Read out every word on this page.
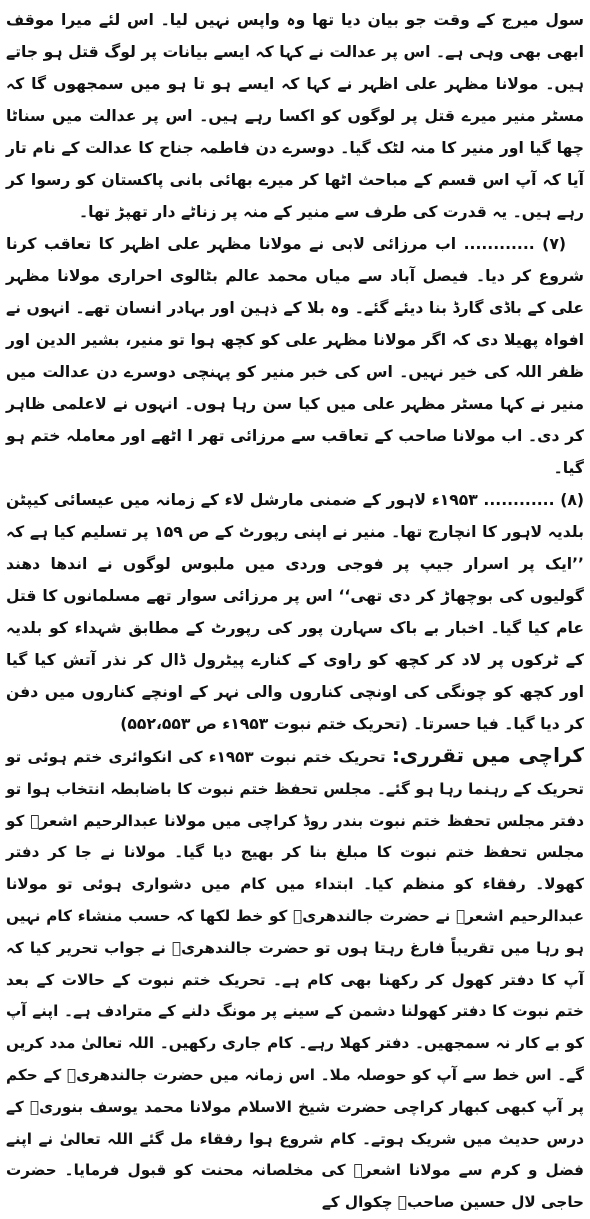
سول میرج کے وقت جو بیان دیا تھا وہ واپس نہیں لیا۔ اس لئے میرا موقف ابھی بھی وہی ہے۔ اس پر عدالت نے کہا کہ ایسے بیانات پر لوگ قتل ہو جاتے ہیں۔ مولانا مظہر علی اظہر نے کہا کہ ایسے ہو تا ہو میں سمجھوں گا کہ مسٹر منیر میرے قتل پر لوگوں کو اکسا رہے ہیں۔ اس پر عدالت میں سناٹا چھا گیا اور منیر کا منہ لٹک گیا۔ دوسرے دن فاطمہ جناح کا عدالت کے نام تار آیا کہ آپ اس قسم کے مباحث اٹھا کر میرے بھائی بانی پاکستان کو رسوا کر رہے ہیں۔ یہ قدرت کی طرف سے منیر کے منہ پر زناٹے دار تھپڑ تھا۔

(۷) ............ اب مرزائی لابی نے مولانا مظہر علی اظہر کا تعاقب کرنا شروع کر دیا۔ فیصل آباد سے میاں محمد عالم بٹالوی احراری مولانا مظہر علی کے باڈی گارڈ بنا دیئے گئے۔ وہ بلا کے ذہین اور بہادر انسان تھے۔ انہوں نے افواہ پھیلا دی کہ اگر مولانا مظہر علی کو کچھ ہوا تو منیر، بشیر الدین اور ظفر اللہ کی خیر نہیں۔ اس کی خبر منیر کو پہنچی دوسرے دن عدالت میں منیر نے کہا مسٹر مظہر علی میں کیا سن رہا ہوں۔ انہوں نے لاعلمی ظاہر کر دی۔ اب مولانا صاحب کے تعاقب سے مرزائی تھر ا اٹھے اور معاملہ ختم ہو گیا۔

(۸) ............ ۱۹۵۳ء لاہور کے ضمنی مارشل لاء کے زمانہ میں عیسائی کیپٹن بلدیہ لاہور کا انچارج تھا۔ منیر نے اپنی رپورٹ کے ص ۱۵۹ پر تسلیم کیا ہے کہ ’’ایک پر اسرار جیپ پر فوجی وردی میں ملبوس لوگوں نے اندھا دھند گولیوں کی بوچھاڑ کر دی تھی‘‘ اس پر مرزائی سوار تھے مسلمانوں کا قتل عام کیا گیا۔ اخبار بے باک سہارن پور کی رپورٹ کے مطابق شہداء کو بلدیہ کے ٹرکوں پر لاد کر کچھ کو راوی کے کنارے پیٹرول ڈال کر نذر آتش کیا گیا اور کچھ کو چونگی کی اونچی کناروں والی نہر کے اونچے کناروں میں دفن کر دیا گیا۔ فیا حسرتا۔ (تحریک ختم نبوت ۱۹۵۳ء ص ۵۵۲،۵۵۳)

کراچی میں تقرری: تحریک ختم نبوت ۱۹۵۳ء کی انکوائری ختم ہوئی تو تحریک کے رہنما رہا ہو گئے۔ مجلس تحفظ ختم نبوت کا باضابطہ انتخاب ہوا تو دفتر مجلس تحفظ ختم نبوت بندر روڈ کراچی میں مولانا عبدالرحیم اشعرؒ کو مجلس تحفظ ختم نبوت کا مبلغ بنا کر بھیج دیا گیا۔ مولانا نے جا کر دفتر کھولا۔ رفقاء کو منظم کیا۔ ابتداء میں کام میں دشواری ہوئی تو مولانا عبدالرحیم اشعرؒ نے حضرت جالندھریؒ کو خط لکھا کہ حسب منشاء کام نہیں ہو رہا میں تقریباً فارغ رہتا ہوں تو حضرت جالندھریؒ نے جواب تحریر کیا کہ آپ کا دفتر کھول کر رکھنا بھی کام ہے۔ تحریک ختم نبوت کے حالات کے بعد ختم نبوت کا دفتر کھولنا دشمن کے سینے پر مونگ دلنے کے مترادف ہے۔ اپنے آپ کو بے کار نہ سمجھیں۔ دفتر کھلا رہے۔ کام جاری رکھیں۔ اللہ تعالیٰ مدد کریں گے۔ اس خط سے آپ کو حوصلہ ملا۔ اس زمانہ میں حضرت جالندھریؒ کے حکم پر آپ کبھی کبھار کراچی حضرت شیخ الاسلام مولانا محمد یوسف بنوریؒ کے درس حدیث میں شریک ہوتے۔ کام شروع ہوا رفقاء مل گئے اللہ تعالیٰ نے اپنے فضل و کرم سے مولانا اشعرؒ کی مخلصانہ محنت کو قبول فرمایا۔ حضرت حاجی لال حسین صاحبؒ چکوال کے
